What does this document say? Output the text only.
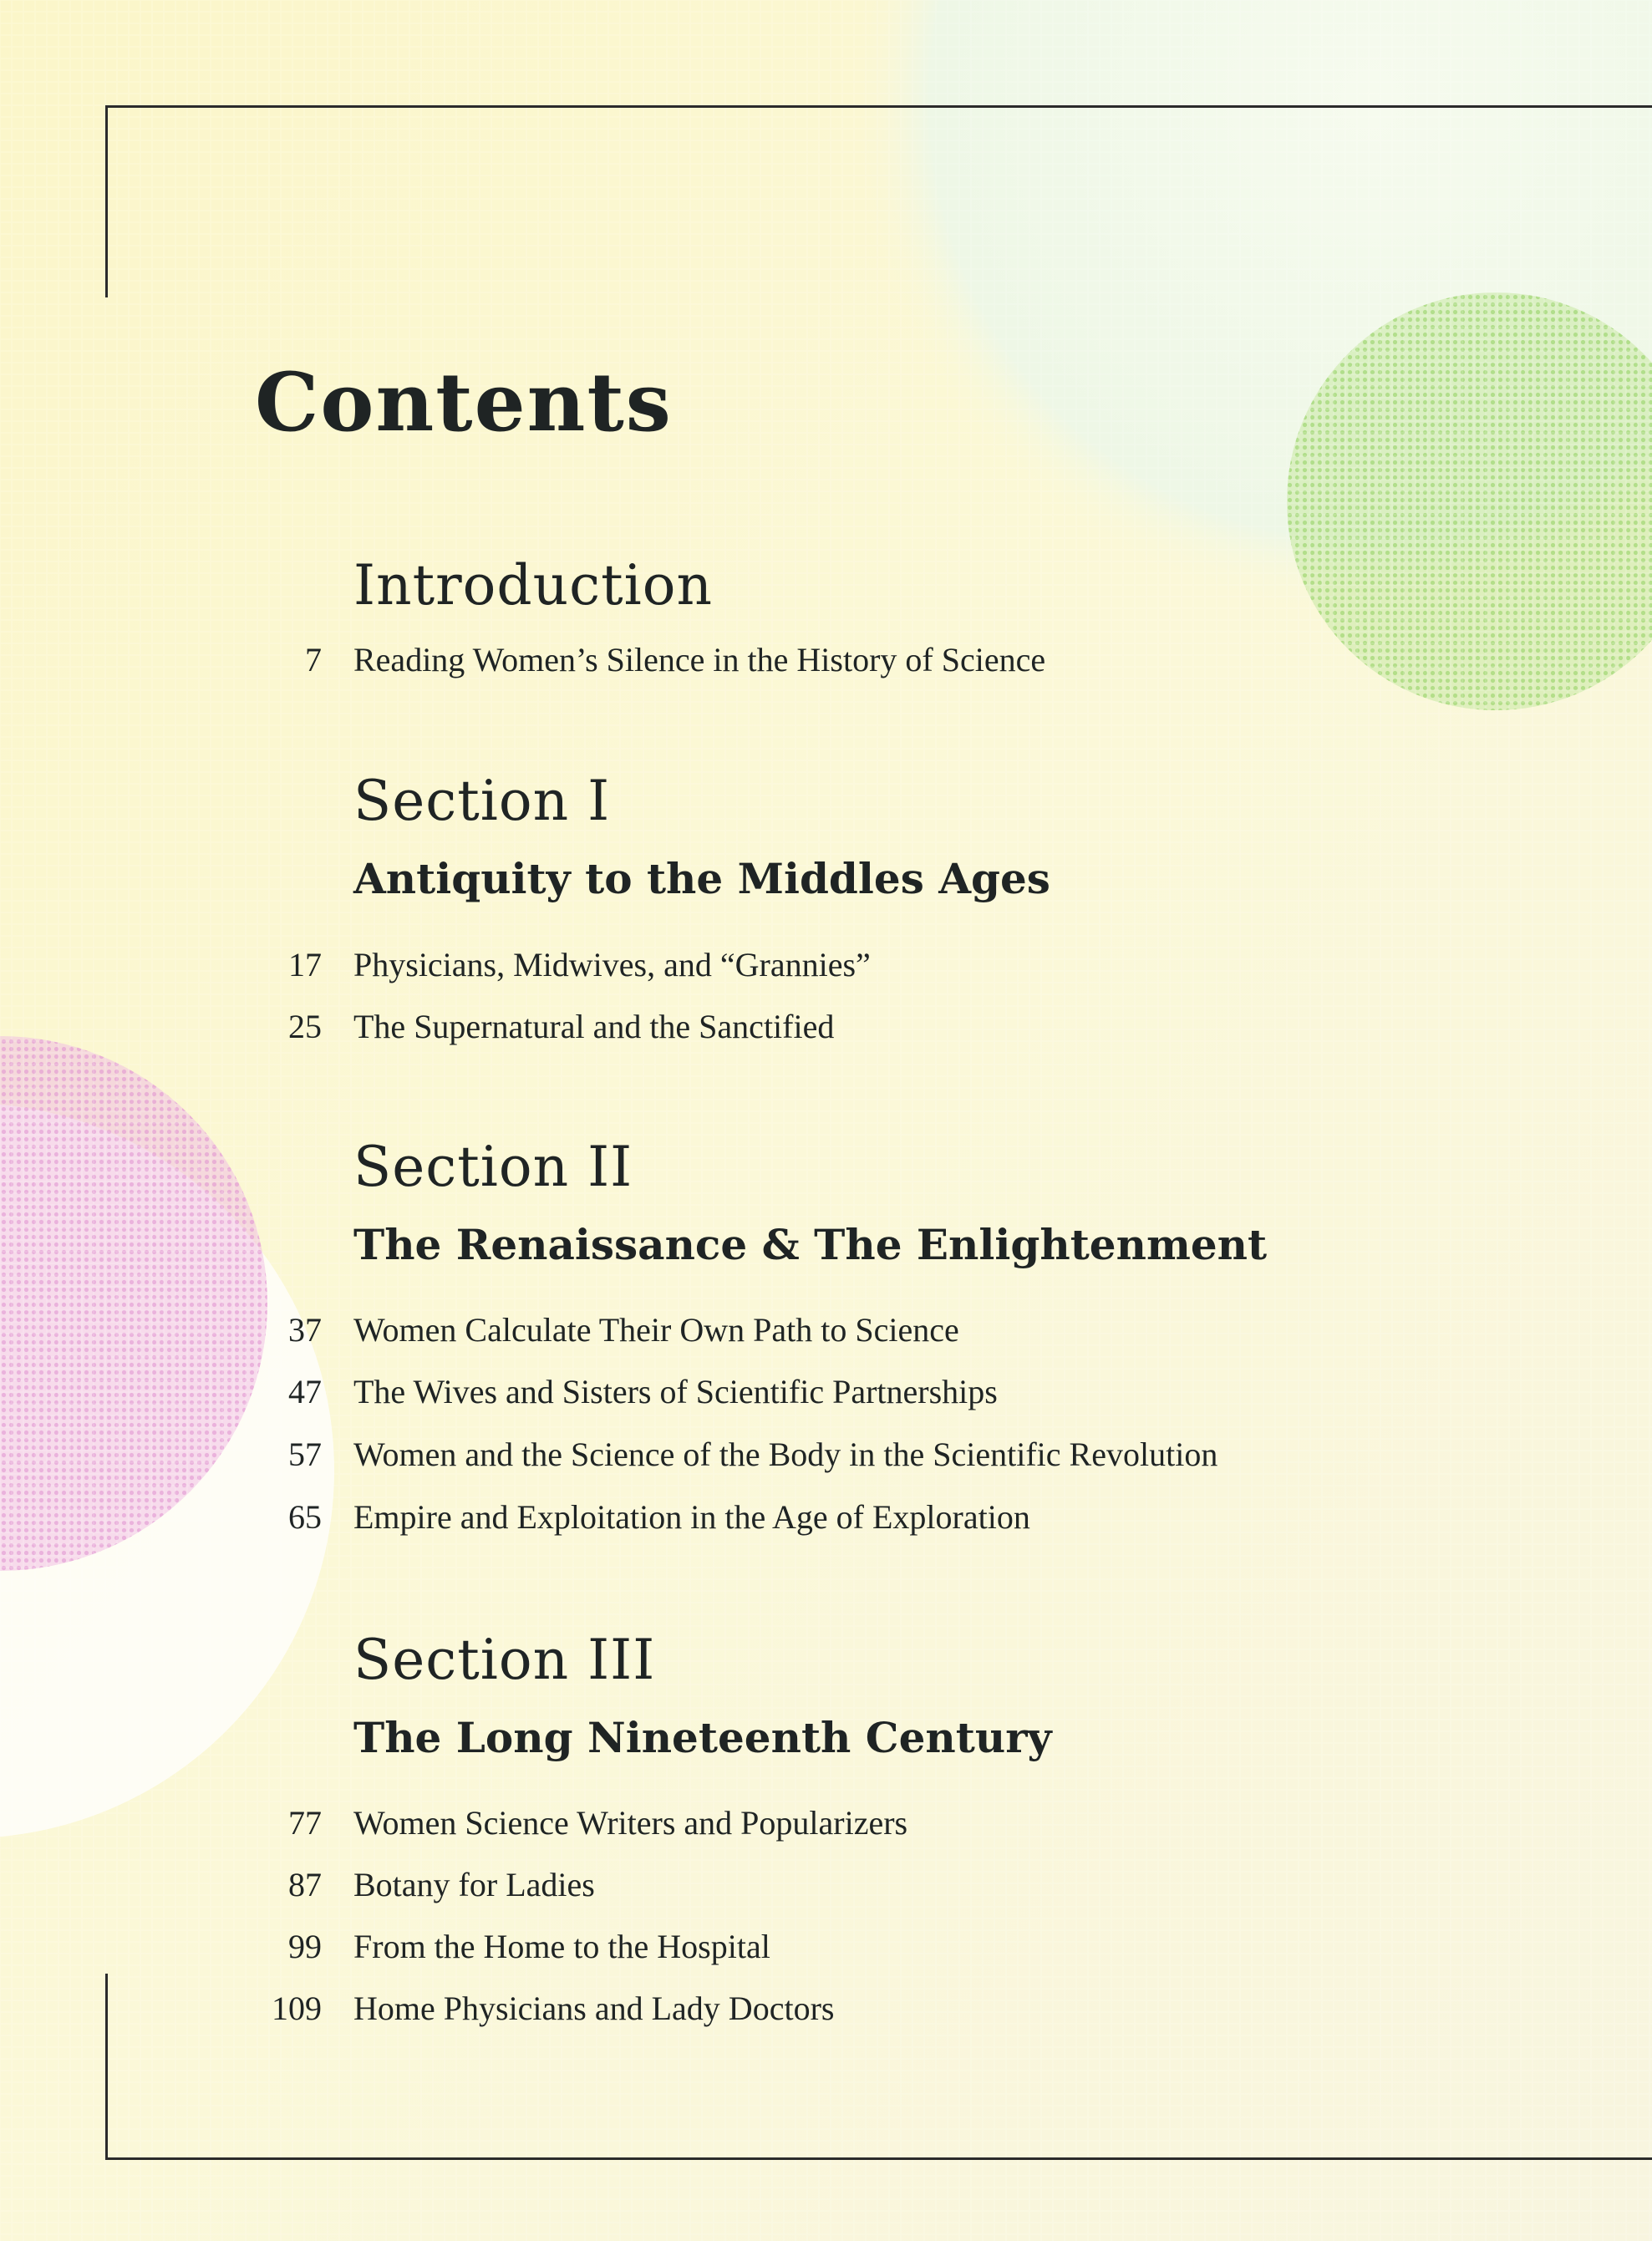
Contents
Introduction
7 Reading Women’s Silence in the History of Science
Section I
Antiquity to the Middles Ages
17 Physicians, Midwives, and “Grannies”
25 The Supernatural and the Sanctified
Section II
The Renaissance & The Enlightenment
37 Women Calculate Their Own Path to Science
47 The Wives and Sisters of Scientific Partnerships
57 Women and the Science of the Body in the Scientific Revolution
65 Empire and Exploitation in the Age of Exploration
Section III
The Long Nineteenth Century
77 Women Science Writers and Popularizers
87 Botany for Ladies
99 From the Home to the Hospital
109 Home Physicians and Lady Doctors
